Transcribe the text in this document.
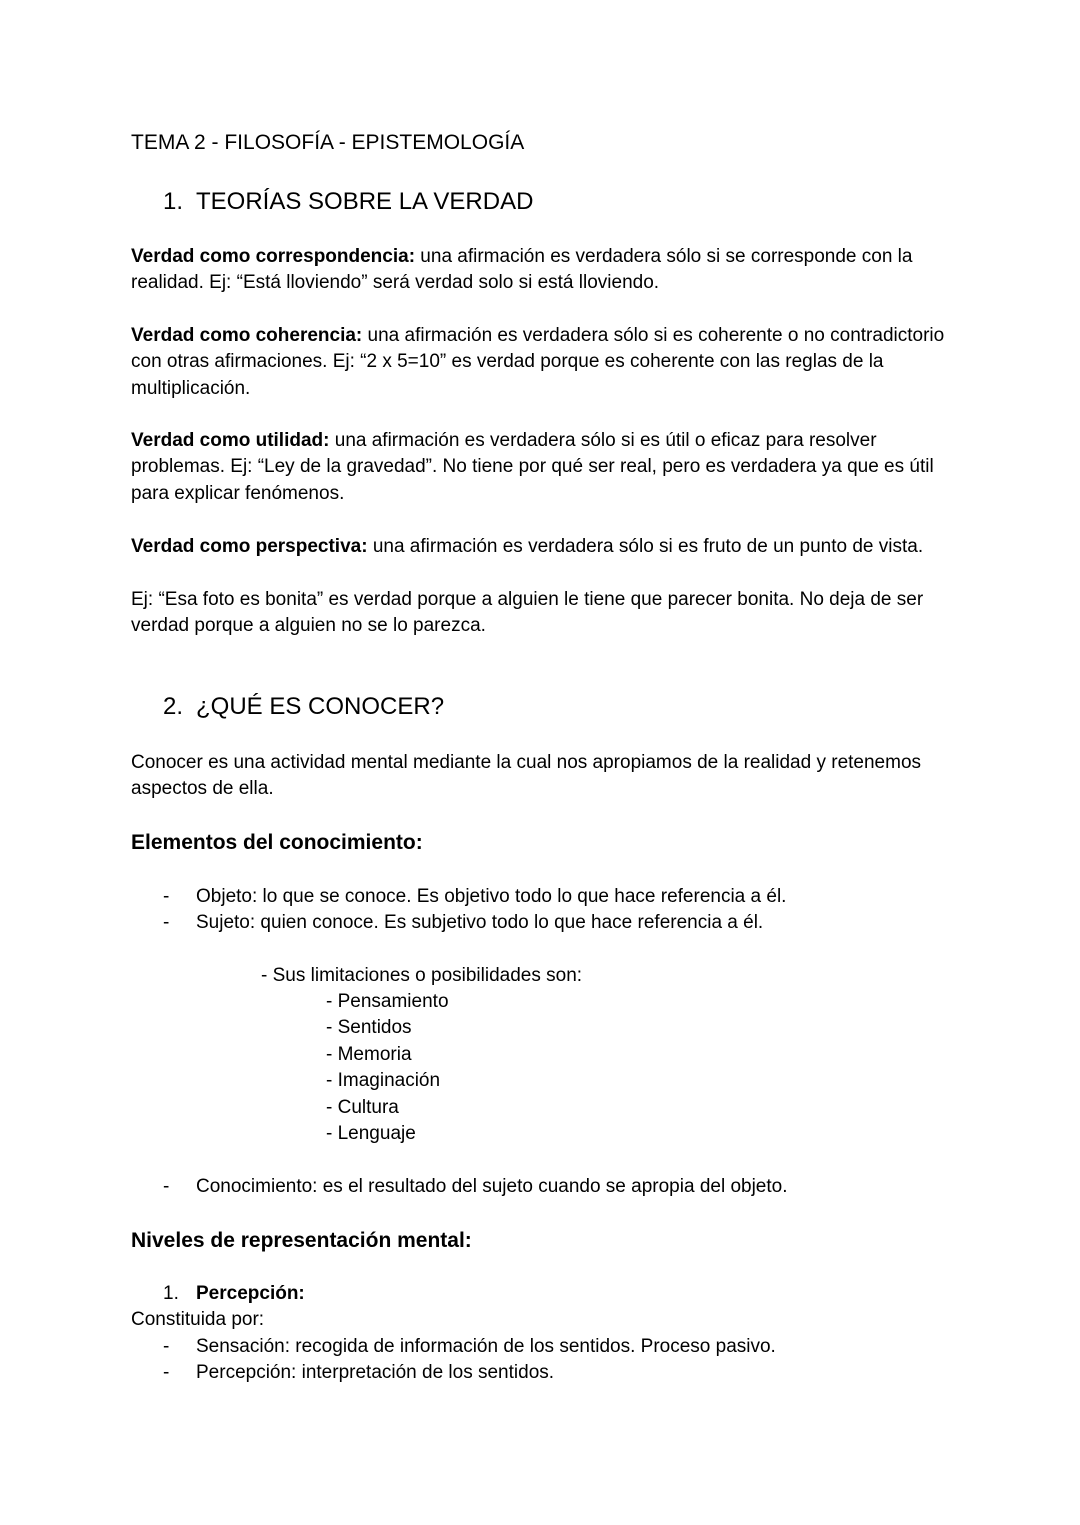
TEMA 2 - FILOSOFÍA - EPISTEMOLOGÍA
1. TEORÍAS SOBRE LA VERDAD
Verdad como correspondencia: una afirmación es verdadera sólo si se corresponde con la realidad. Ej: “Está lloviendo” será verdad solo si está lloviendo.
Verdad como coherencia: una afirmación es verdadera sólo si es coherente o no contradictorio con otras afirmaciones. Ej: “2 x 5=10” es verdad porque es coherente con las reglas de la multiplicación.
Verdad como utilidad: una afirmación es verdadera sólo si es útil o eficaz para resolver problemas. Ej: “Ley de la gravedad”. No tiene por qué ser real, pero es verdadera ya que es útil para explicar fenómenos.
Verdad como perspectiva: una afirmación es verdadera sólo si es fruto de un punto de vista.
Ej: “Esa foto es bonita” es verdad porque a alguien le tiene que parecer bonita. No deja de ser verdad porque a alguien no se lo parezca.
2. ¿QUÉ ES CONOCER?
Conocer es una actividad mental mediante la cual nos apropiamos de la realidad y retenemos aspectos de ella.
Elementos del conocimiento:
- Objeto: lo que se conoce. Es objetivo todo lo que hace referencia a él.
- Sujeto: quien conoce. Es subjetivo todo lo que hace referencia a él.
- Sus limitaciones o posibilidades son:
- Pensamiento
- Sentidos
- Memoria
- Imaginación
- Cultura
- Lenguaje
- Conocimiento: es el resultado del sujeto cuando se apropia del objeto.
Niveles de representación mental:
1. Percepción:
Constituida por:
- Sensación: recogida de información de los sentidos. Proceso pasivo.
- Percepción: interpretación de los sentidos.
